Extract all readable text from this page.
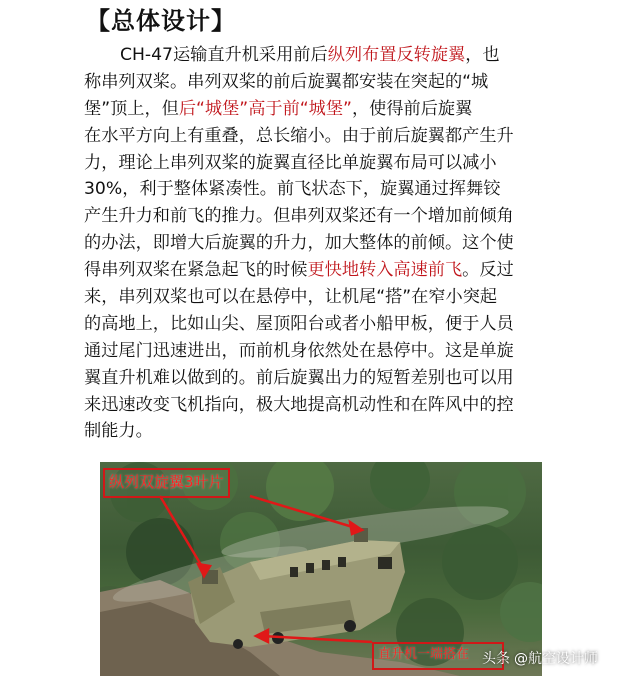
【总体设计】
CH-47运输直升机采用前后纵列布置反转旋翼，也
称串列双桨。串列双桨的前后旋翼都安装在突起的“城
堡”顶上，但后“城堡”高于前“城堡”，使得前后旋翼
在水平方向上有重叠，总长缩小。由于前后旋翼都产生升
力，理论上串列双桨的旋翼直径比单旋翼布局可以减小
30%，利于整体紧凑性。前飞状态下，旋翼通过挥舞铰
产生升力和前飞的推力。但串列双桨还有一个增加前倾角
的办法，即增大后旋翼的升力，加大整体的前倾。这个使
得串列双桨在紧急起飞的时候更快地转入高速前飞。反过
来，串列双桨也可以在悬停中，让机尾“搭”在窄小突起
的高地上，比如山尖、屋顶阳台或者小船甲板，便于人员
通过尾门迅速进出，而前机身依然处在悬停中。这是单旋
翼直升机难以做到的。前后旋翼出力的短暂差别也可以用
来迅速改变飞机指向，极大地提高机动性和在阵风中的控
制能力。
纵列双旋翼3叶片
直升机一端搭在 头条 @航空设计师
